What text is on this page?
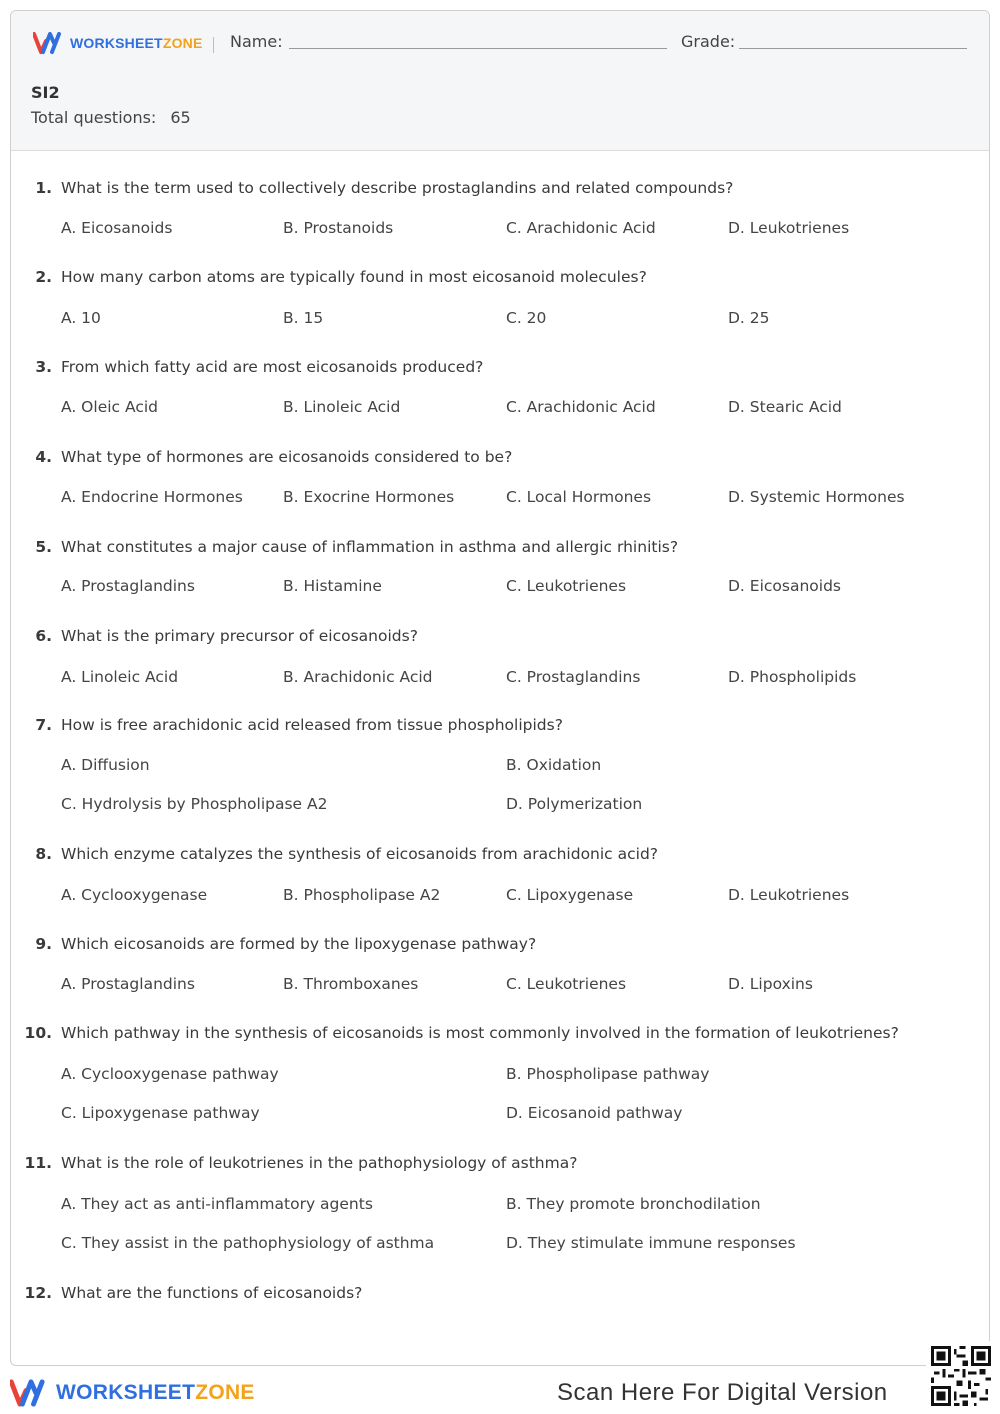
WORKSHEETZONE Name:	Grade:
SI2
Total questions: 65
1. What is the term used to collectively describe prostaglandins and related compounds?
A. Eicosanoids	B. Prostanoids	C. Arachidonic Acid	D. Leukotrienes
2. How many carbon atoms are typically found in most eicosanoid molecules?
A. 10	B. 15	C. 20	D. 25
3. From which fatty acid are most eicosanoids produced?
A. Oleic Acid	B. Linoleic Acid	C. Arachidonic Acid	D. Stearic Acid
4. What type of hormones are eicosanoids considered to be?
A. Endocrine Hormones	B. Exocrine Hormones	C. Local Hormones	D. Systemic Hormones
5. What constitutes a major cause of inflammation in asthma and allergic rhinitis?
A. Prostaglandins	B. Histamine	C. Leukotrienes	D. Eicosanoids
6. What is the primary precursor of eicosanoids?
A. Linoleic Acid	B. Arachidonic Acid	C. Prostaglandins	D. Phospholipids
7. How is free arachidonic acid released from tissue phospholipids?
A. Diffusion	B. Oxidation
C. Hydrolysis by Phospholipase A2	D. Polymerization
8. Which enzyme catalyzes the synthesis of eicosanoids from arachidonic acid?
A. Cyclooxygenase	B. Phospholipase A2	C. Lipoxygenase	D. Leukotrienes
9. Which eicosanoids are formed by the lipoxygenase pathway?
A. Prostaglandins	B. Thromboxanes	C. Leukotrienes	D. Lipoxins
10. Which pathway in the synthesis of eicosanoids is most commonly involved in the formation of leukotrienes?
A. Cyclooxygenase pathway	B. Phospholipase pathway
C. Lipoxygenase pathway	D. Eicosanoid pathway
11. What is the role of leukotrienes in the pathophysiology of asthma?
A. They act as anti-inflammatory agents	B. They promote bronchodilation
C. They assist in the pathophysiology of asthma	D. They stimulate immune responses
12. What are the functions of eicosanoids?
WORKSHEETZONE	Scan Here For Digital Version
